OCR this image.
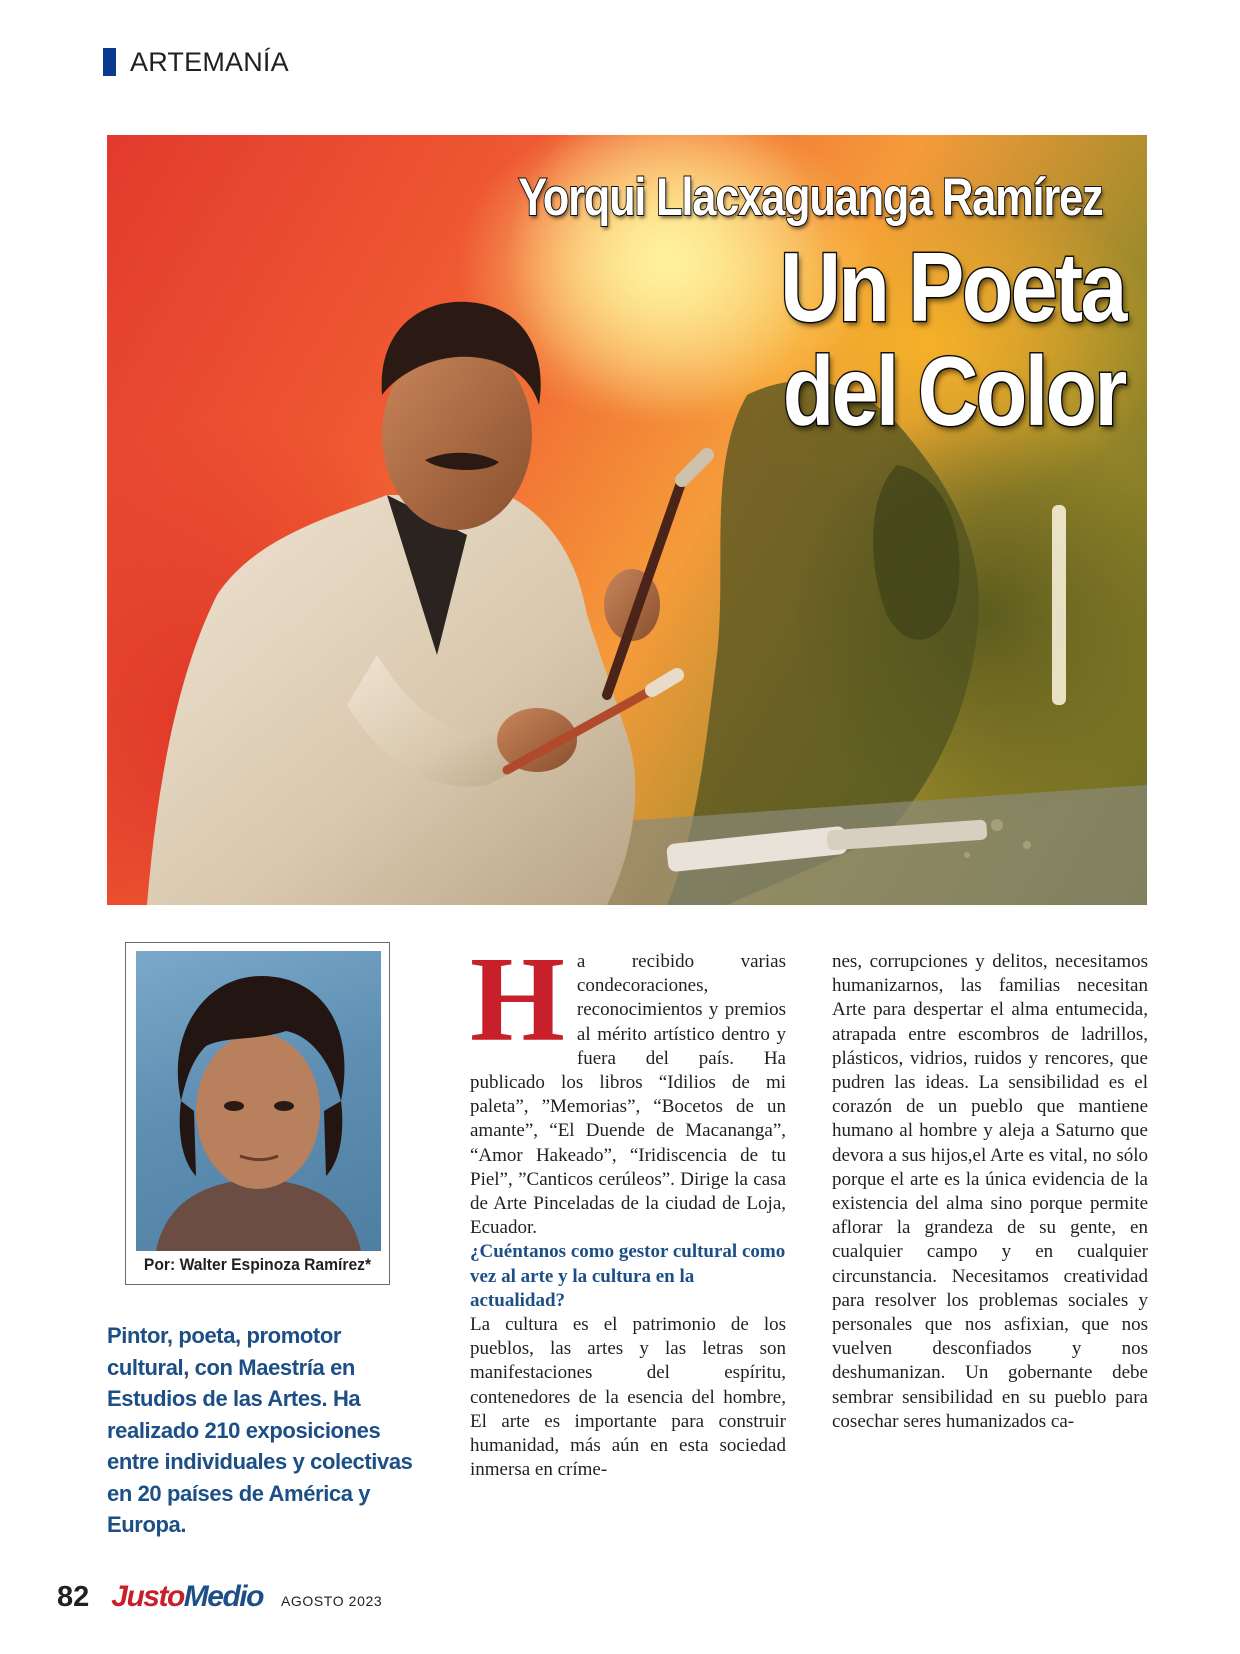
ARTEMANÍA
Yorqui Llacxaguanga Ramírez
Un Poeta
del Color
Por: Walter Espinoza Ramírez*
Pintor, poeta, promotor cultural, con Maestría en Estudios de las Artes. Ha realizado 210 exposiciones entre individuales y colectivas en 20 países de América y Europa.

Ha recibido varias condecoraciones, reconocimientos y premios al mérito artístico dentro y fuera del país. Ha publicado los libros “Idilios de mi paleta”, ”Memorias”, “Bocetos de un amante”, “El Duende de Macananga”, “Amor Hakeado”, “Iridiscencia de tu Piel”, ”Canticos cerúleos”. Dirige la casa de Arte Pinceladas de la ciudad de Loja, Ecuador.

¿Cuéntanos como gestor cultural como vez al arte y la cultura en la actualidad?

La cultura es el patrimonio de los pueblos, las artes y las letras son manifestaciones del espíritu, contenedores de la esencia del hombre, El arte es importante para construir humanidad, más aún en esta sociedad inmersa en críme-

nes, corrupciones y delitos, necesitamos humanizarnos, las familias necesitan Arte para despertar el alma entumecida, atrapada entre escombros de ladrillos, plásticos, vidrios, ruidos y rencores, que pudren las ideas. La sensibilidad es el corazón de un pueblo que mantiene humano al hombre y aleja a Saturno que devora a sus hijos,el Arte es vital, no sólo porque el arte es la única evidencia de la existencia del alma sino porque permite aflorar la grandeza de su gente, en cualquier campo y en cualquier circunstancia. Necesitamos creatividad para resolver los problemas sociales y personales que nos asfixian, que nos vuelven desconfiados y nos deshumanizan. Un gobernante debe sembrar sensibilidad en su pueblo para cosechar seres humanizados ca-

82 JustoMedio AGOSTO 2023
